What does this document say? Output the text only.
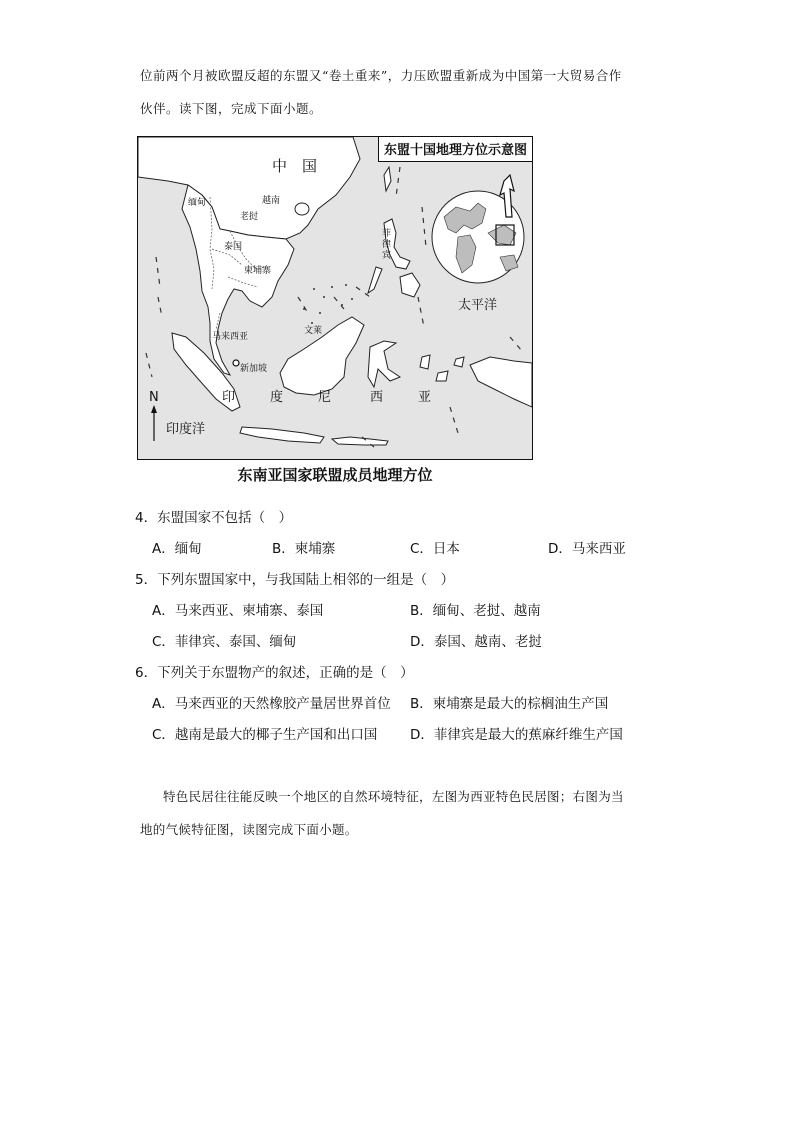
位前两个月被欧盟反超的东盟又“卷土重来”，力压欧盟重新成为中国第一大贸易合作
伙伴。读下图，完成下面小题。
东盟十国地理方位示意图
中　国
缅甸	越南
老挝
泰国
柬埔寨
菲律宾
马来西亚
文莱
新加坡
印	度	尼	西	亚
太平洋
印度洋
N
东南亚国家联盟成员地理方位
4．东盟国家不包括（　）
A．缅甸	B．柬埔寨	C．日本	D．马来西亚
5．下列东盟国家中，与我国陆上相邻的一组是（　）
A．马来西亚、柬埔寨、泰国	B．缅甸、老挝、越南
C．菲律宾、泰国、缅甸	D．泰国、越南、老挝
6．下列关于东盟物产的叙述，正确的是（　）
A．马来西亚的天然橡胶产量居世界首位 B．柬埔寨是最大的棕榈油生产国
C．越南是最大的椰子生产国和出口国 D．菲律宾是最大的蕉麻纤维生产国
特色民居往往能反映一个地区的自然环境特征，左图为西亚特色民居图；右图为当
地的气候特征图，读图完成下面小题。
